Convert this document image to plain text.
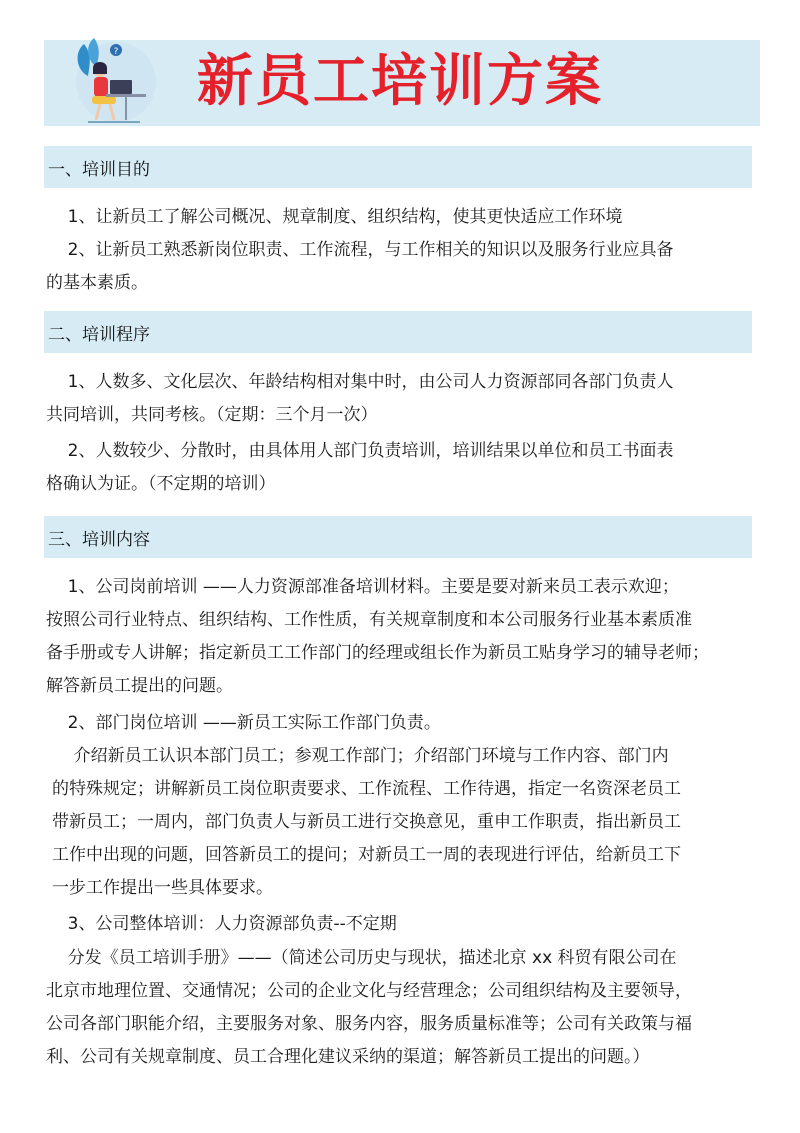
?	新员工培训方案
一、培训目的

1、让新员工了解公司概况、规章制度、组织结构，使其更快适应工作环境

2、让新员工熟悉新岗位职责、工作流程，与工作相关的知识以及服务行业应具备
的基本素质。

二、培训程序

1、人数多、文化层次、年龄结构相对集中时，由公司人力资源部同各部门负责人
共同培训，共同考核。（定期：三个月一次）

2、人数较少、分散时，由具体用人部门负责培训，培训结果以单位和员工书面表
格确认为证。（不定期的培训）

三、培训内容

1、公司岗前培训 ——人力资源部准备培训材料。主要是要对新来员工表示欢迎；
按照公司行业特点、组织结构、工作性质，有关规章制度和本公司服务行业基本素质准
备手册或专人讲解；指定新员工工作部门的经理或组长作为新员工贴身学习的辅导老师；
解答新员工提出的问题。

2、部门岗位培训 ——新员工实际工作部门负责。

介绍新员工认识本部门员工；参观工作部门；介绍部门环境与工作内容、部门内
的特殊规定；讲解新员工岗位职责要求、工作流程、工作待遇，指定一名资深老员工
带新员工；一周内，部门负责人与新员工进行交换意见，重申工作职责，指出新员工
工作中出现的问题，回答新员工的提问；对新员工一周的表现进行评估，给新员工下
一步工作提出一些具体要求。

3、公司整体培训：人力资源部负责--不定期

分发《员工培训手册》——（简述公司历史与现状，描述北京 xx 科贸有限公司在
北京市地理位置、交通情况；公司的企业文化与经营理念；公司组织结构及主要领导，
公司各部门职能介绍，主要服务对象、服务内容，服务质量标准等；公司有关政策与福
利、公司有关规章制度、员工合理化建议采纳的渠道；解答新员工提出的问题。）
